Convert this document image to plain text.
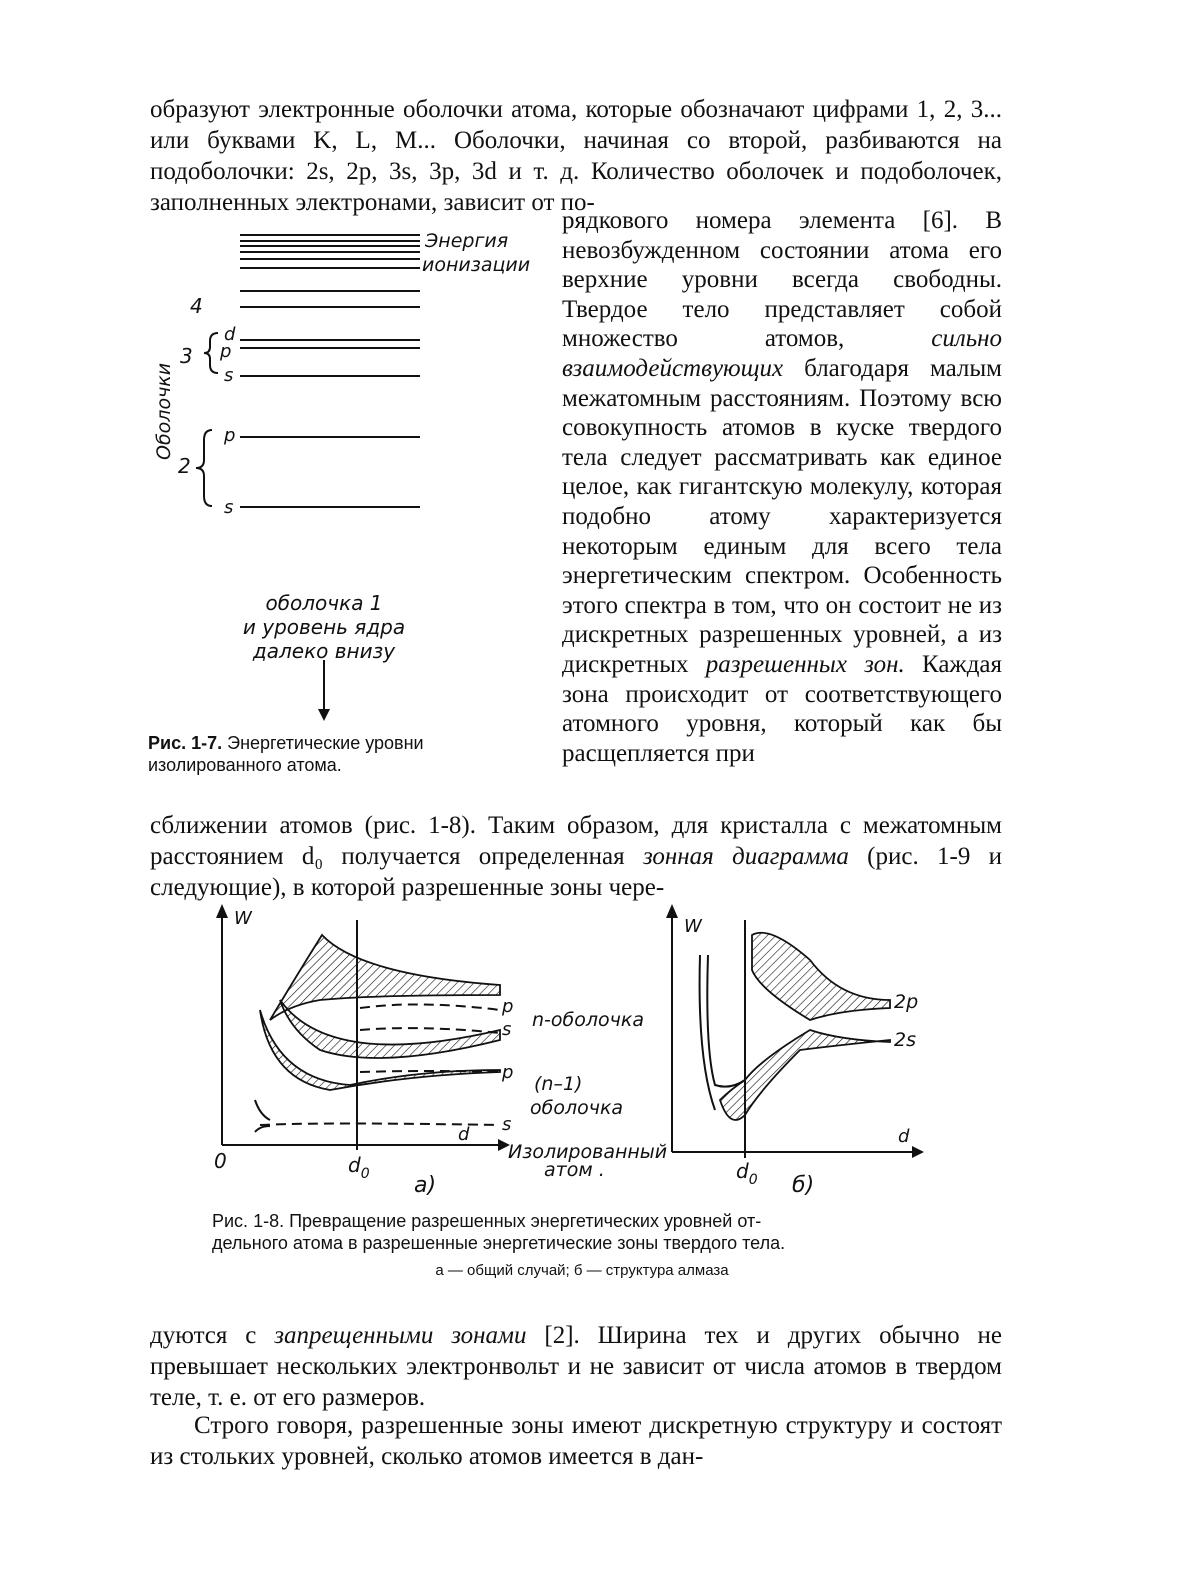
образуют электронные оболочки атома, которые обозначают цифрами 1, 2, 3... или буквами K, L, M... Оболочки, начиная со второй, разбиваются на подоболочки: 2s, 2p, 3s, 3p, 3d и т. д. Количество оболочек и подоболочек, заполненных электронами, зависит от по-

рядкового номера элемента [6]. В невозбужденном состоянии атома его верхние уровни всегда свободны. Твердое тело представляет собой множество атомов, сильно взаимодействующих благодаря малым межатомным расстояниям. Поэтому всю совокупность атомов в куске твердого тела следует рассматривать как единое целое, как гигантскую молекулу, которая подобно атому характеризуется некоторым единым для всего тела энергетическим спектром. Особенность этого спектра в том, что он состоит не из дискретных разрешенных уровней, а из дискретных разрешенных зон. Каждая зона происходит от соответствующего атомного уровня, который как бы расщепляется при

Энергия
ионизации
4
3
d
p
s
2
p
s
Оболочки
оболочка 1
и уровень ядра
далеко внизу
Рис. 1-7. Энергетические уровни изолированного атома.

сближении атомов (рис. 1-8). Таким образом, для кристалла с межатомным расстоянием d₀ получается определенная зонная диаграмма (рис. 1-9 и следующие), в которой разрешенные зоны чере-

W
0	$d_0$
d
p
s n-оболочка
p
s
(n–1)
оболочка
Изолированный
атом .
а)
W
d
$d_0$
2p
2s
б)
Рис. 1-8. Превращение разрешенных энергетических уровней от-
дельного атома в разрешенные энергетические зоны твердого тела.
а — общий случай; б — структура алмаза

дуются с запрещенными зонами [2]. Ширина тех и других обычно не превышает нескольких электронвольт и не зависит от числа атомов в твердом теле, т. е. от его размеров.

Строго говоря, разрешенные зоны имеют дискретную структуру и состоят из стольких уровней, сколько атомов имеется в дан-
